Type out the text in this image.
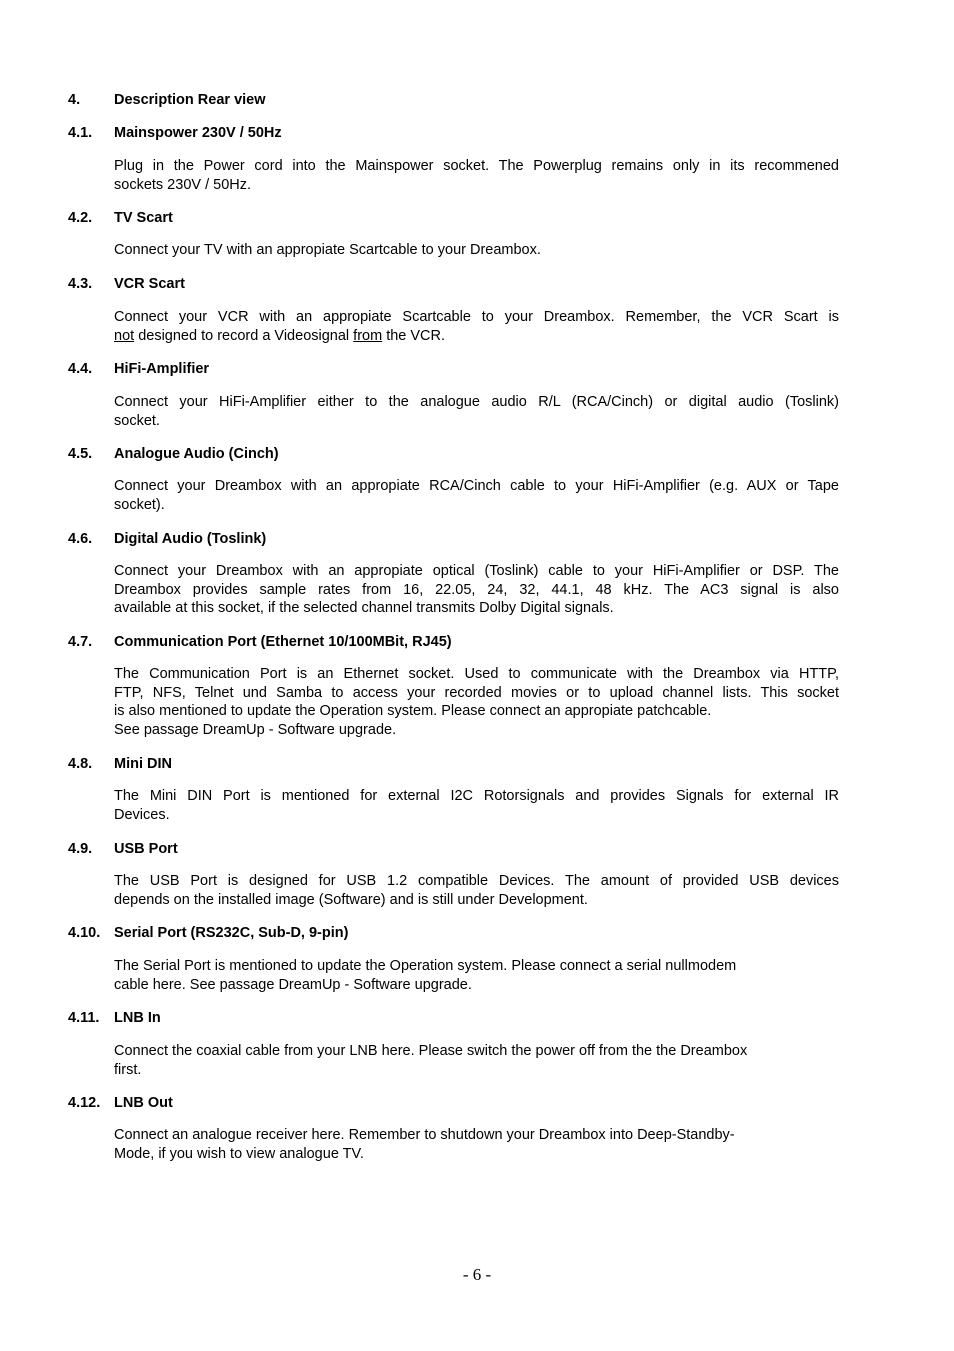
4. Description Rear view
4.1. Mainspower 230V / 50Hz
Plug in the Power cord into the Mainspower socket. The Powerplug remains only in its recommened
sockets 230V / 50Hz.
4.2. TV Scart
Connect your TV with an appropiate Scartcable to your Dreambox.
4.3. VCR Scart
Connect your VCR with an appropiate Scartcable to your Dreambox. Remember, the VCR Scart is
not designed to record a Videosignal from the VCR.
4.4. HiFi-Amplifier
Connect your HiFi-Amplifier either to the analogue audio R/L (RCA/Cinch) or digital audio (Toslink)
socket.
4.5. Analogue Audio (Cinch)
Connect your Dreambox with an appropiate RCA/Cinch cable to your HiFi-Amplifier (e.g. AUX or Tape
socket).
4.6. Digital Audio (Toslink)
Connect your Dreambox with an appropiate optical (Toslink) cable to your HiFi-Amplifier or DSP. The
Dreambox provides sample rates from 16, 22.05, 24, 32, 44.1, 48 kHz. The AC3 signal is also
available at this socket, if the selected channel transmits Dolby Digital signals.
4.7. Communication Port (Ethernet 10/100MBit, RJ45)
The Communication Port is an Ethernet socket. Used to communicate with the Dreambox via HTTP,
FTP, NFS, Telnet und Samba to access your recorded movies or to upload channel lists. This socket
is also mentioned to update the Operation system. Please connect an appropiate patchcable.
See passage DreamUp - Software upgrade.
4.8. Mini DIN
The Mini DIN Port is mentioned for external I2C Rotorsignals and provides Signals for external IR
Devices.
4.9. USB Port
The USB Port is designed for USB 1.2 compatible Devices. The amount of provided USB devices
depends on the installed image (Software) and is still under Development.
4.10. Serial Port (RS232C, Sub-D, 9-pin)
The Serial Port is mentioned to update the Operation system. Please connect a serial nullmodem
cable here. See passage DreamUp - Software upgrade.
4.11. LNB In
Connect the coaxial cable from your LNB here. Please switch the power off from the the Dreambox
first.
4.12. LNB Out
Connect an analogue receiver here. Remember to shutdown your Dreambox into Deep-Standby-
Mode, if you wish to view analogue TV.
- 6 -
